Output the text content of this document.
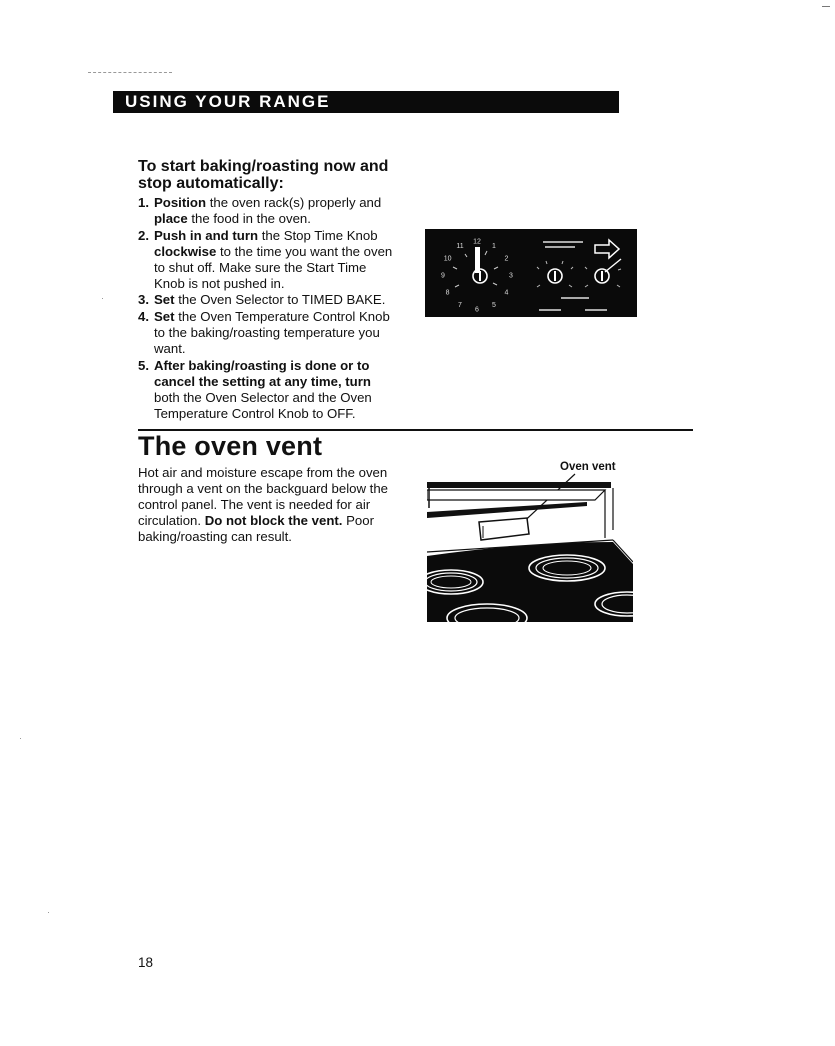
USING YOUR RANGE
To start baking/roasting now and stop automatically:
1. Position the oven rack(s) properly and place the food in the oven.
2. Push in and turn the Stop Time Knob clockwise to the time you want the oven to shut off. Make sure the Start Time Knob is not pushed in.
3. Set the Oven Selector to TIMED BAKE.
4. Set the Oven Temperature Control Knob to the baking/roasting temperature you want.
5. After baking/roasting is done or to cancel the setting at any time, turn both the Oven Selector and the Oven Temperature Control Knob to OFF.
12
1
2
3
4
5
6
7
8
9
10
11
The oven vent

Hot air and moisture escape from the oven through a vent on the backguard below the control panel. The vent is needed for air circulation. Do not block the vent. Poor baking/roasting can result.

Oven vent
18
